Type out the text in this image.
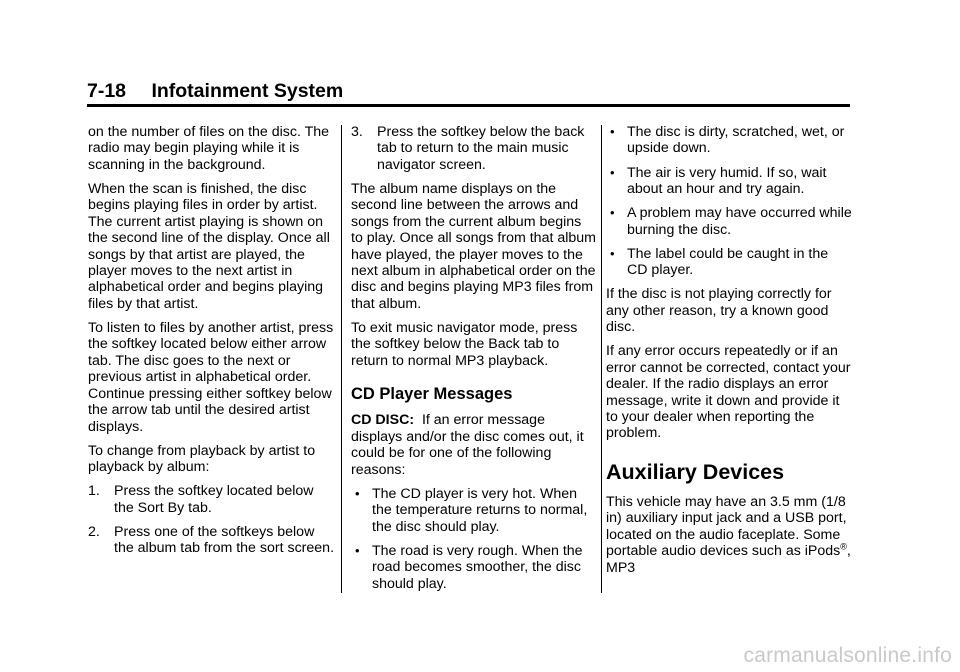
7-18 Infotainment System

on the number of files on the disc. The radio may begin playing while it is scanning in the background.

When the scan is finished, the disc begins playing files in order by artist. The current artist playing is shown on the second line of the display. Once all songs by that artist are played, the player moves to the next artist in alphabetical order and begins playing files by that artist.

To listen to files by another artist, press the softkey located below either arrow tab. The disc goes to the next or previous artist in alphabetical order. Continue pressing either softkey below the arrow tab until the desired artist displays.

To change from playback by artist to playback by album:

1. Press the softkey located below the Sort By tab.
2. Press one of the softkeys below the album tab from the sort screen.
3. Press the softkey below the back tab to return to the main music navigator screen.

The album name displays on the second line between the arrows and songs from the current album begins to play. Once all songs from that album have played, the player moves to the next album in alphabetical order on the disc and begins playing MP3 files from that album.

To exit music navigator mode, press the softkey below the Back tab to return to normal MP3 playback.

CD Player Messages

CD DISC: If an error message displays and/or the disc comes out, it could be for one of the following reasons:

• The CD player is very hot. When the temperature returns to normal, the disc should play.
• The road is very rough. When the road becomes smoother, the disc should play.
• The disc is dirty, scratched, wet, or upside down.
• The air is very humid. If so, wait about an hour and try again.
• A problem may have occurred while burning the disc.
• The label could be caught in the CD player.

If the disc is not playing correctly for any other reason, try a known good disc.

If any error occurs repeatedly or if an error cannot be corrected, contact your dealer. If the radio displays an error message, write it down and provide it to your dealer when reporting the problem.

Auxiliary Devices

This vehicle may have an 3.5 mm (1/8 in) auxiliary input jack and a USB port, located on the audio faceplate. Some portable audio devices such as iPods®, MP3

carmanualsonline.info
